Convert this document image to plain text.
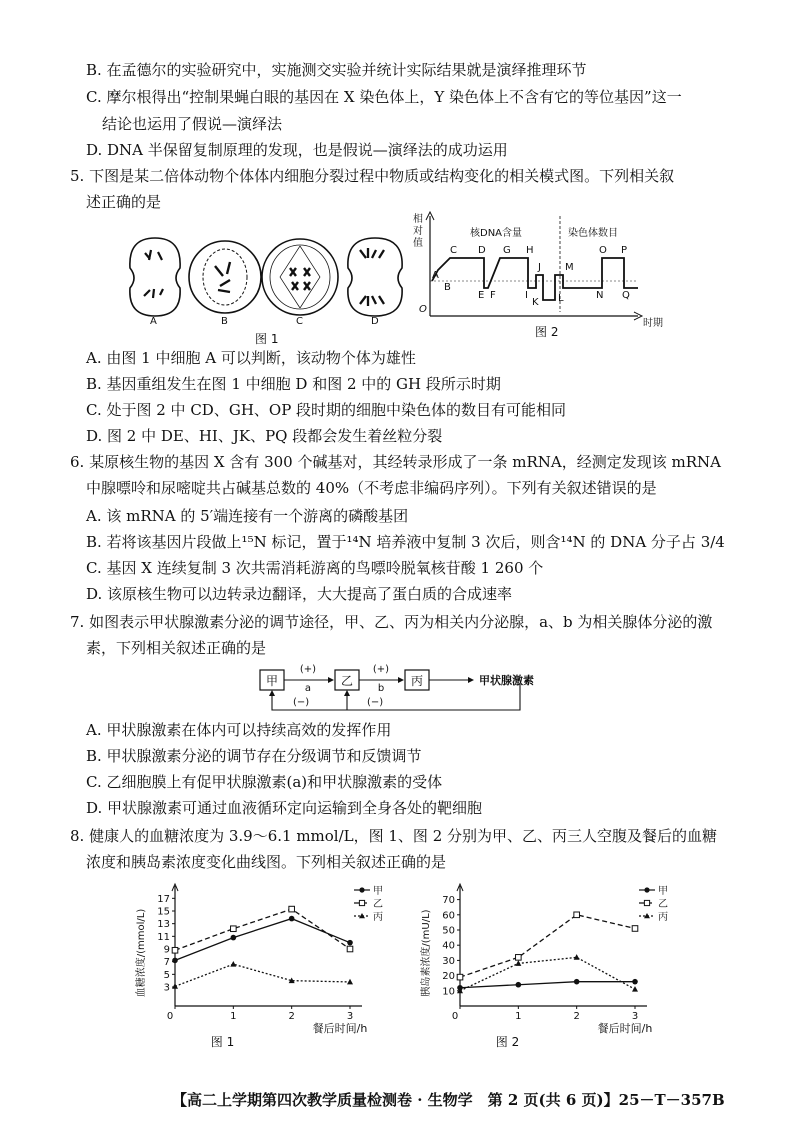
B. 在孟德尔的实验研究中，实施测交实验并统计实际结果就是演绎推理环节
C. 摩尔根得出“控制果蝇白眼的基因在 X 染色体上，Y 染色体上不含有它的等位基因”这一
结论也运用了假说—演绎法
D. DNA 半保留复制原理的发现，也是假说—演绎法的成功运用
5. 下图是某二倍体动物个体体内细胞分裂过程中物质或结构变化的相关模式图。下列相关叙
述正确的是
A	B	C	D
图 1
相
对
值
O
时期
核DNA含量	染色体数目
A
B
C D
E F
G H
I
J
K L
M
N
O P
Q
图 2
A. 由图 1 中细胞 A 可以判断，该动物个体为雄性
B. 基因重组发生在图 1 中细胞 D 和图 2 中的 GH 段所示时期
C. 处于图 2 中 CD、GH、OP 段时期的细胞中染色体的数目有可能相同
D. 图 2 中 DE、HI、JK、PQ 段都会发生着丝粒分裂
6. 某原核生物的基因 X 含有 300 个碱基对，其经转录形成了一条 mRNA，经测定发现该 mRNA
中腺嘌呤和尿嘧啶共占碱基总数的 40%（不考虑非编码序列）。下列有关叙述错误的是
A. 该 mRNA 的 5′端连接有一个游离的磷酸基团
B. 若将该基因片段做上¹⁵N 标记，置于¹⁴N 培养液中复制 3 次后，则含¹⁴N 的 DNA 分子占 3/4
C. 基因 X 连续复制 3 次共需消耗游离的鸟嘌呤脱氧核苷酸 1 260 个
D. 该原核生物可以边转录边翻译，大大提高了蛋白质的合成速率
7. 如图表示甲状腺激素分泌的调节途径，甲、乙、丙为相关内分泌腺，a、b 为相关腺体分泌的激
素，下列相关叙述正确的是
甲	乙	丙
(+)
a
(+)
b
甲状腺激素
(−)	(−)
A. 甲状腺激素在体内可以持续高效的发挥作用
B. 甲状腺激素分泌的调节存在分级调节和反馈调节
C. 乙细胞膜上有促甲状腺激素(a)和甲状腺激素的受体
D. 甲状腺激素可通过血液循环定向运输到全身各处的靶细胞
8. 健康人的血糖浓度为 3.9～6.1 mmol/L，图 1、图 2 分别为甲、乙、丙三人空腹及餐后的血糖
浓度和胰岛素浓度变化曲线图。下列相关叙述正确的是
3
5
7
9
11
13
15
17
1	2	3
0
血糖浓度/(mmol/L)
餐后时间/h
图 1
甲
乙
丙
10
20
30
40
50
60
70
1	2	3
0
胰岛素浓度/(mU/L)
餐后时间/h
图 2
甲
乙
丙
【高二上学期第四次教学质量检测卷 · 生物学　第 2 页(共 6 页)】25－T－357B
